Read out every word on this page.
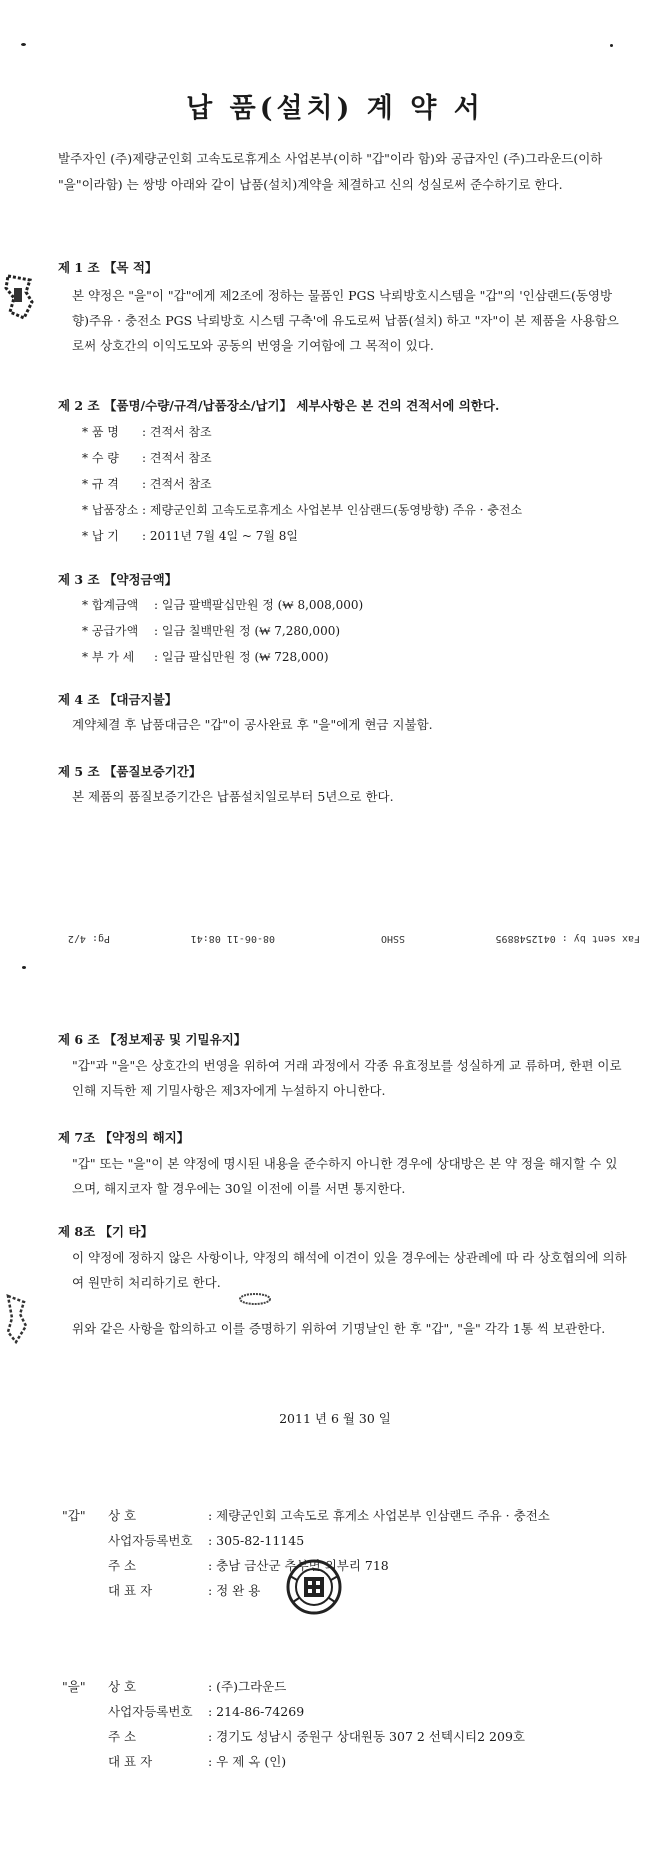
납 품(설치) 계 약 서
발주자인 (주)제량군인회 고속도로휴게소 사업본부(이하 "갑"이라 함)와 공급자인 (주)그라운드(이하 "을"이라함) 는 쌍방 아래와 같이 납품(설치)계약을 체결하고 신의 성실로써 준수하기로 한다.
제 1 조 【목 적】
본 약정은 "을"이 "갑"에게 제2조에 정하는 물품인 PGS 낙뢰방호시스템을 "갑"의 '인삼랜드(동영방향)주유 · 충전소 PGS 낙뢰방호 시스템 구축'에 유도로써 납품(설치) 하고 "자"이 본 제품을 사용함으로써 상호간의 이익도모와 공동의 번영을 기여함에 그 목적이 있다.
제 2 조 【품명/수량/규격/납품장소/납기】 세부사항은 본 건의 견적서에 의한다.
* 품 명 : 견적서 참조
* 수 량 : 견적서 참조
* 규 격 : 견적서 참조
* 납품장소 : 제량군인회 고속도로휴게소 사업본부 인삼랜드(동영방향) 주유 · 충전소
* 납 기 : 2011년 7월 4일 ~ 7월 8일
제 3 조 【약정금액】
* 합계금액 : 일금 팔백팔십만원 정 (₩ 8,008,000)
* 공급가액 : 일금 칠백만원 정 (₩ 7,280,000)
* 부 가 세 : 일금 팔십만원 정 (₩ 728,000)
제 4 조 【대금지불】
계약체결 후 납품대금은 "갑"이 공사완료 후 "을"에게 현금 지불함.
제 5 조 【품질보증기간】
본 제품의 품질보증기간은 납품설치일로부터 5년으로 한다.
Fax sent by : 0412548895
SSHO
08-06-11 08:41
Pg: 4/2
제 6 조 【정보제공 및 기밀유지】
"갑"과 "을"은 상호간의 번영을 위하여 거래 과정에서 각종 유효정보를 성실하게 교 류하며, 한편 이로 인해 지득한 제 기밀사항은 제3자에게 누설하지 아니한다.
제 7조 【약정의 해지】
"갑" 또는 "을"이 본 약정에 명시된 내용을 준수하지 아니한 경우에 상대방은 본 약 정을 해지할 수 있으며, 해지코자 할 경우에는 30일 이전에 이를 서면 통지한다.
제 8조 【기 타】
이 약정에 정하지 않은 사항이나, 약정의 해석에 이견이 있을 경우에는 상관례에 따 라 상호협의에 의하여 원만히 처리하기로 한다.
위와 같은 사항을 합의하고 이를 증명하기 위하여 기명날인 한 후 "갑", "을" 각각 1통 씩 보관한다.
2011 년 6 월 30 일
"갑" 상 호	: 제량군인회 고속도로 휴게소 사업본부 인삼랜드 주유 · 충전소
사업자등록번호 : 305-82-11145
주 소	: 충남 금산군 추부면 의부리 718
대 표 자	: 정 완 용
"을" 상 호	: (주)그라운드
사업자등록번호 : 214-86-74269
주 소	: 경기도 성남시 중원구 상대원동 307 2 선텍시티2 209호
대 표 자	: 우 제 옥 (인)
